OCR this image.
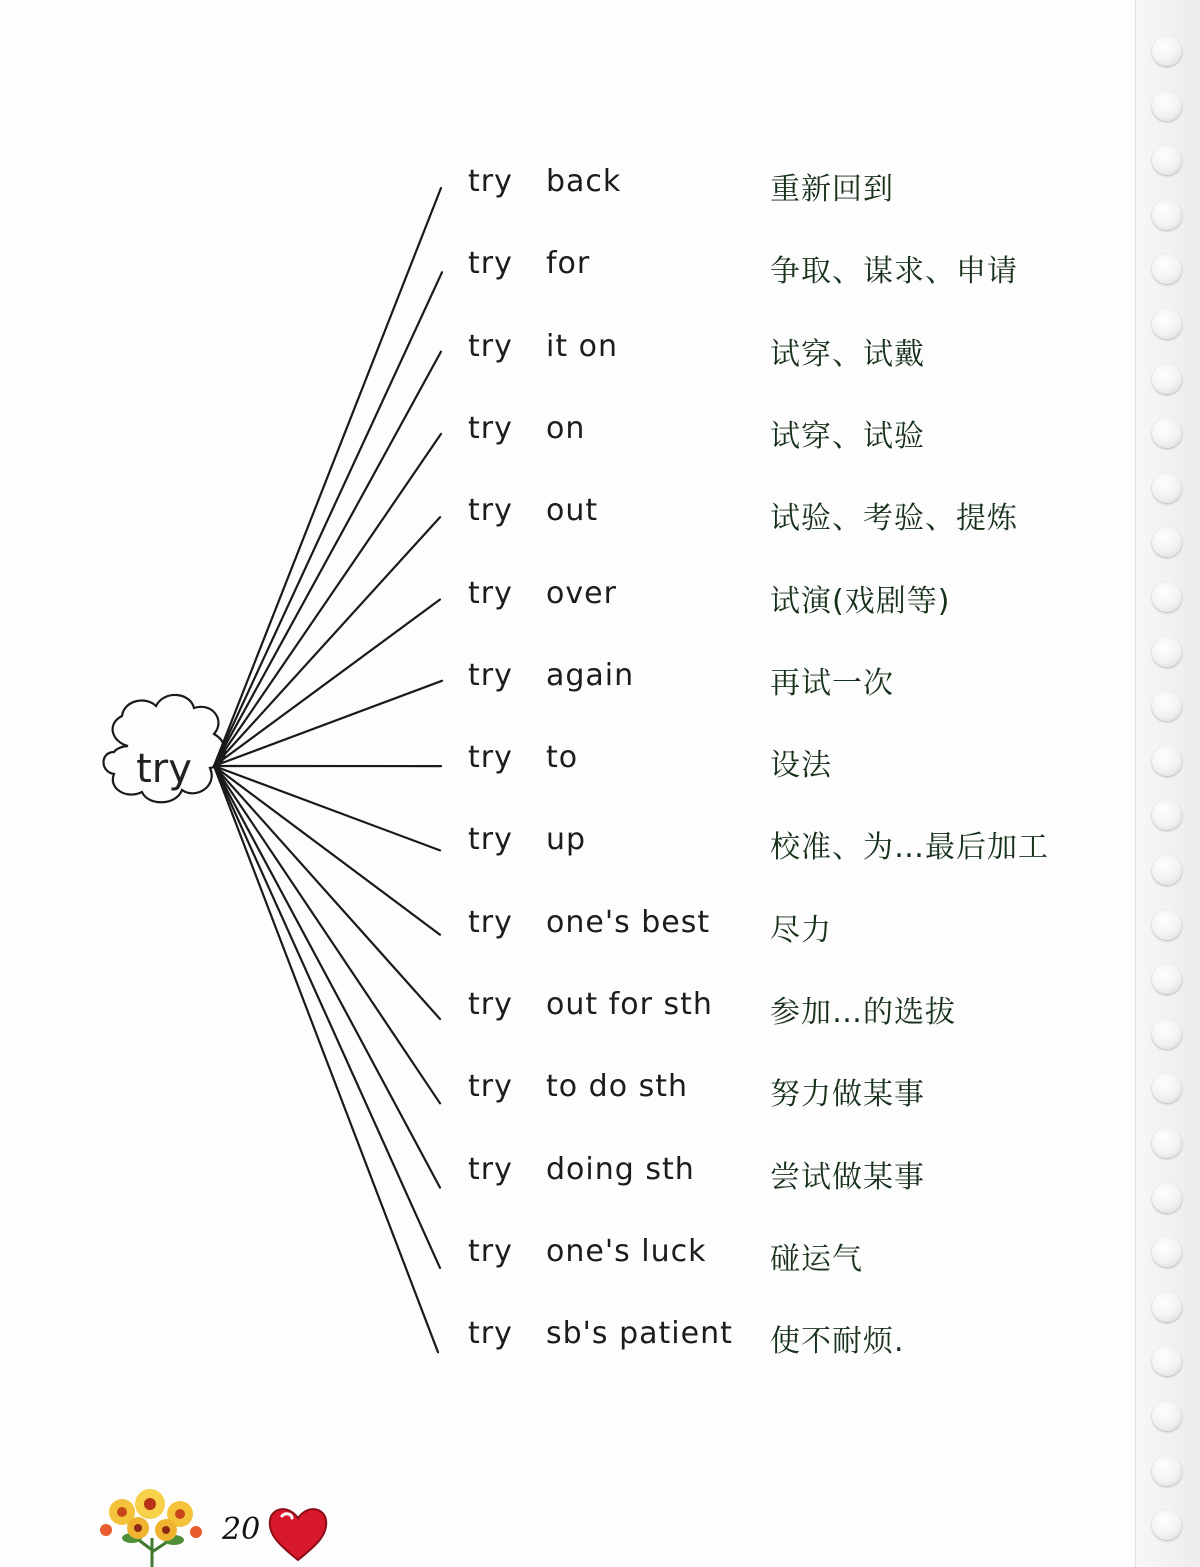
try
try back	重新回到
try for	争取、谋求、申请
try it on	试穿、试戴
try on	试穿、试验
try out	试验、考验、提炼
try over	试演(戏剧等)
try again	再试一次
try to	设法
try up	校准、为…最后加工
try one's best 尽力
try out for sth 参加…的选拔
try to do sth	努力做某事
try doing sth	尝试做某事
try one's luck 碰运气
try sb's patient 使不耐烦.
20
